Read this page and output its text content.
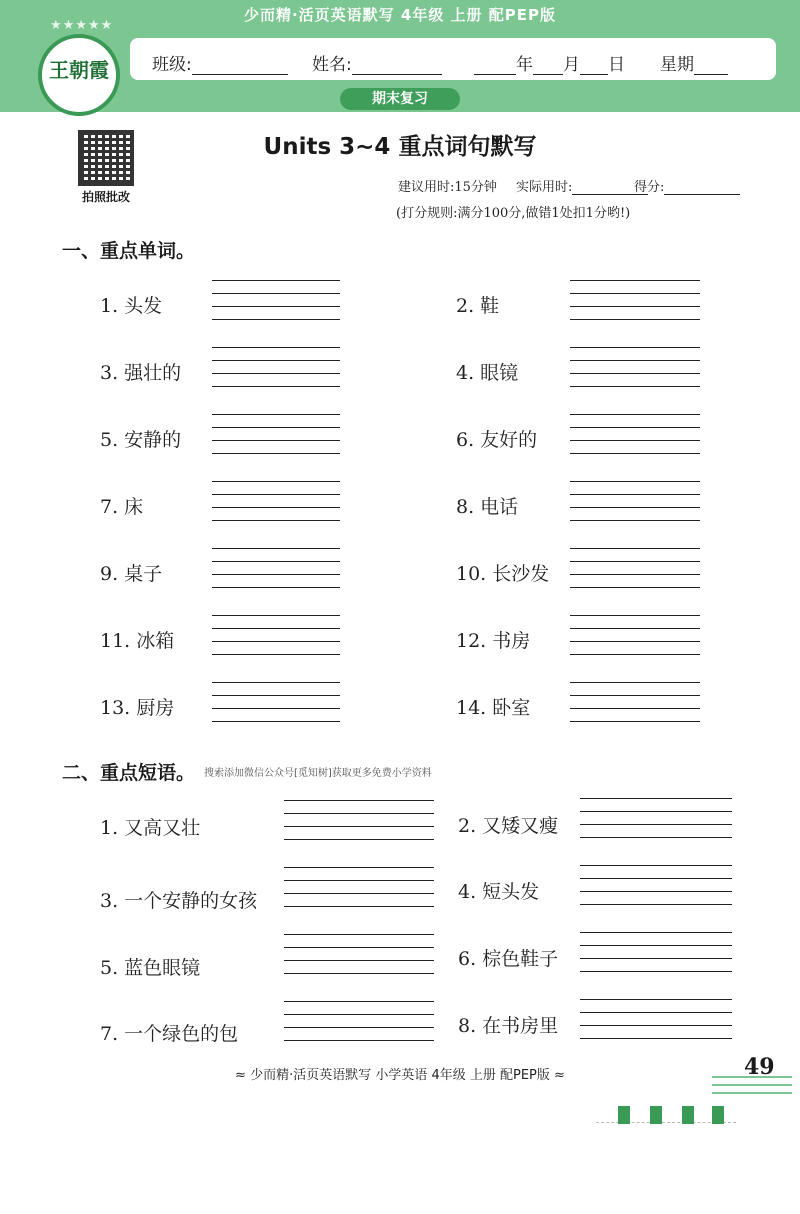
少而精·活页英语默写 4年级 上册 配PEP版
班级:	姓名:	年 月 日 星期
★★★★★
王朝霞
期末复习
拍照批改
Units 3~4 重点词句默写
建议用时:15分钟 实际用时:	得分:
(打分规则:满分100分,做错1处扣1分哟!)
一、重点单词。
1. 头发	2. 鞋
3. 强壮的	4. 眼镜
5. 安静的	6. 友好的
7. 床	8. 电话
9. 桌子	10. 长沙发
11. 冰箱	12. 书房
13. 厨房	14. 卧室
二、重点短语。 搜索添加微信公众号[觅知树]获取更多免费小学资料
1. 又高又壮	2. 又矮又瘦
3. 一个安静的女孩	4. 短头发
5. 蓝色眼镜	6. 棕色鞋子
7. 一个绿色的包	8. 在书房里
≈ 少而精·活页英语默写 小学英语 4年级 上册 配PEP版 ≈	49
